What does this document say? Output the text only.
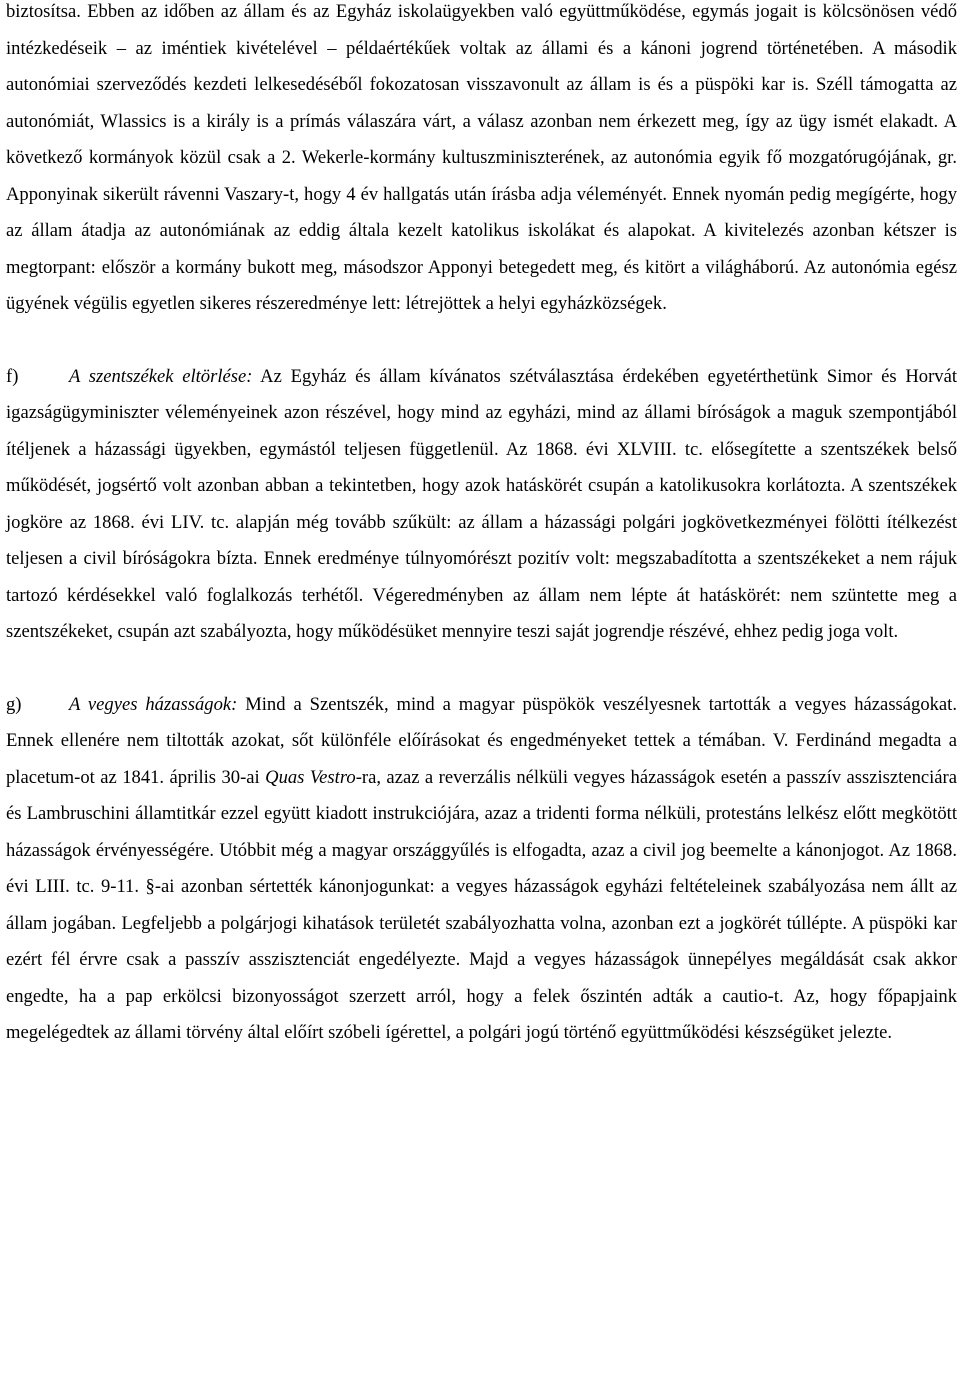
biztosítsa. Ebben az időben az állam és az Egyház iskolaügyekben való együttműködése, egymás jogait is kölcsönösen védő intézkedéseik – az iméntiek kivételével – példaértékűek voltak az állami és a kánoni jogrend történetében. A második autonómiai szerveződés kezdeti lelkesedéséből fokozatosan visszavonult az állam is és a püspöki kar is. Széll támogatta az autonómiát, Wlassics is a király is a prímás válaszára várt, a válasz azonban nem érkezett meg, így az ügy ismét elakadt. A következő kormányok közül csak a 2. Wekerle-kormány kultuszminiszterének, az autonómia egyik fő mozgatórugójának, gr. Apponyinak sikerült rávenni Vaszary-t, hogy 4 év hallgatás után írásba adja véleményét. Ennek nyomán pedig megígérte, hogy az állam átadja az autonómiának az eddig általa kezelt katolikus iskolákat és alapokat. A kivitelezés azonban kétszer is megtorpant: először a kormány bukott meg, másodszor Apponyi betegedett meg, és kitört a világháború. Az autonómia egész ügyének végülis egyetlen sikeres részeredménye lett: létrejöttek a helyi egyházközségek.

f)	A szentszékek eltörlése: Az Egyház és állam kívánatos szétválasztása érdekében egyetérthetünk Simor és Horvát igazságügyminiszter véleményeinek azon részével, hogy mind az egyházi, mind az állami bíróságok a maguk szempontjából ítéljenek a házassági ügyekben, egymástól teljesen függetlenül. Az 1868. évi XLVIII. tc. elősegítette a szentszékek belső működését, jogsértő volt azonban abban a tekintetben, hogy azok hatáskörét csupán a katolikusokra korlátozta. A szentszékek jogköre az 1868. évi LIV. tc. alapján még tovább szűkült: az állam a házassági polgári jogkövetkezményei fölötti ítélkezést teljesen a civil bíróságokra bízta. Ennek eredménye túlnyomórészt pozitív volt: megszabadította a szentszékeket a nem rájuk tartozó kérdésekkel való foglalkozás terhétől. Végeredményben az állam nem lépte át hatáskörét: nem szüntette meg a szentszékeket, csupán azt szabályozta, hogy működésüket mennyire teszi saját jogrendje részévé, ehhez pedig joga volt.

g)	A vegyes házasságok: Mind a Szentszék, mind a magyar püspökök veszélyesnek tartották a vegyes házasságokat. Ennek ellenére nem tiltották azokat, sőt különféle előírásokat és engedményeket tettek a témában. V. Ferdinánd megadta a placetum-ot az 1841. április 30-ai Quas Vestro-ra, azaz a reverzális nélküli vegyes házasságok esetén a passzív asszisztenciára és Lambruschini államtitkár ezzel együtt kiadott instrukciójára, azaz a tridenti forma nélküli, protestáns lelkész előtt megkötött házasságok érvényességére. Utóbbit még a magyar országgyűlés is elfogadta, azaz a civil jog beemelte a kánonjogot. Az 1868. évi LIII. tc. 9-11. §-ai azonban sértették kánonjogunkat: a vegyes házasságok egyházi feltételeinek szabályozása nem állt az állam jogában. Legfeljebb a polgárjogi kihatások területét szabályozhatta volna, azonban ezt a jogkörét túllépte. A püspöki kar ezért fél érvre csak a passzív asszisztenciát engedélyezte. Majd a vegyes házasságok ünnepélyes megáldását csak akkor engedte, ha a pap erkölcsi bizonyosságot szerzett arról, hogy a felek őszintén adták a cautio-t. Az, hogy főpapjaink megelégedtek az állami törvény által előírt szóbeli ígérettel, a polgári jogú történő együttműködési készségüket jelezte.
